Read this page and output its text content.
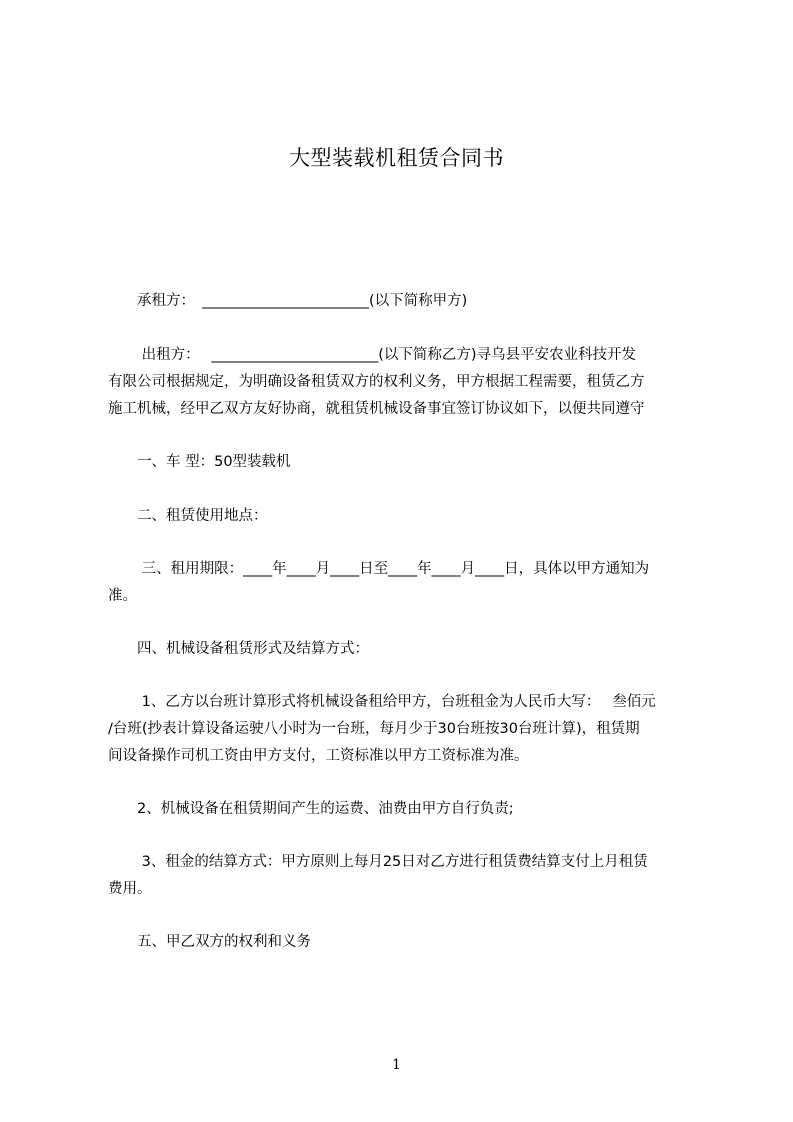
大型装载机租赁合同书
　　承租方：　_______________________(以下简称甲方)
　　 出租方：　 _______________________(以下简称乙方)寻乌县平安农业科技开发
有限公司根据规定，为明确设备租赁双方的权利义务，甲方根据工程需要，租赁乙方
施工机械，经甲乙双方友好协商，就租赁机械设备事宜签订协议如下，以便共同遵守
　　一、车 型：50型装载机
　　二、租赁使用地点：
　　 三、租用期限：____年____月____日至____年____月____日，具体以甲方通知为
准。
　　四、机械设备租赁形式及结算方式：
　　 1、乙方以台班计算形式将机械设备租给甲方，台班租金为人民币大写：　 叁佰元
/台班(抄表计算设备运驶八小时为一台班，每月少于30台班按30台班计算)，租赁期
间设备操作司机工资由甲方支付，工资标准以甲方工资标准为准。
　　2、机械设备在租赁期间产生的运费、油费由甲方自行负责;
　　 3、租金的结算方式：甲方原则上每月25日对乙方进行租赁费结算支付上月租赁
费用。
　　五、甲乙双方的权利和义务
1
